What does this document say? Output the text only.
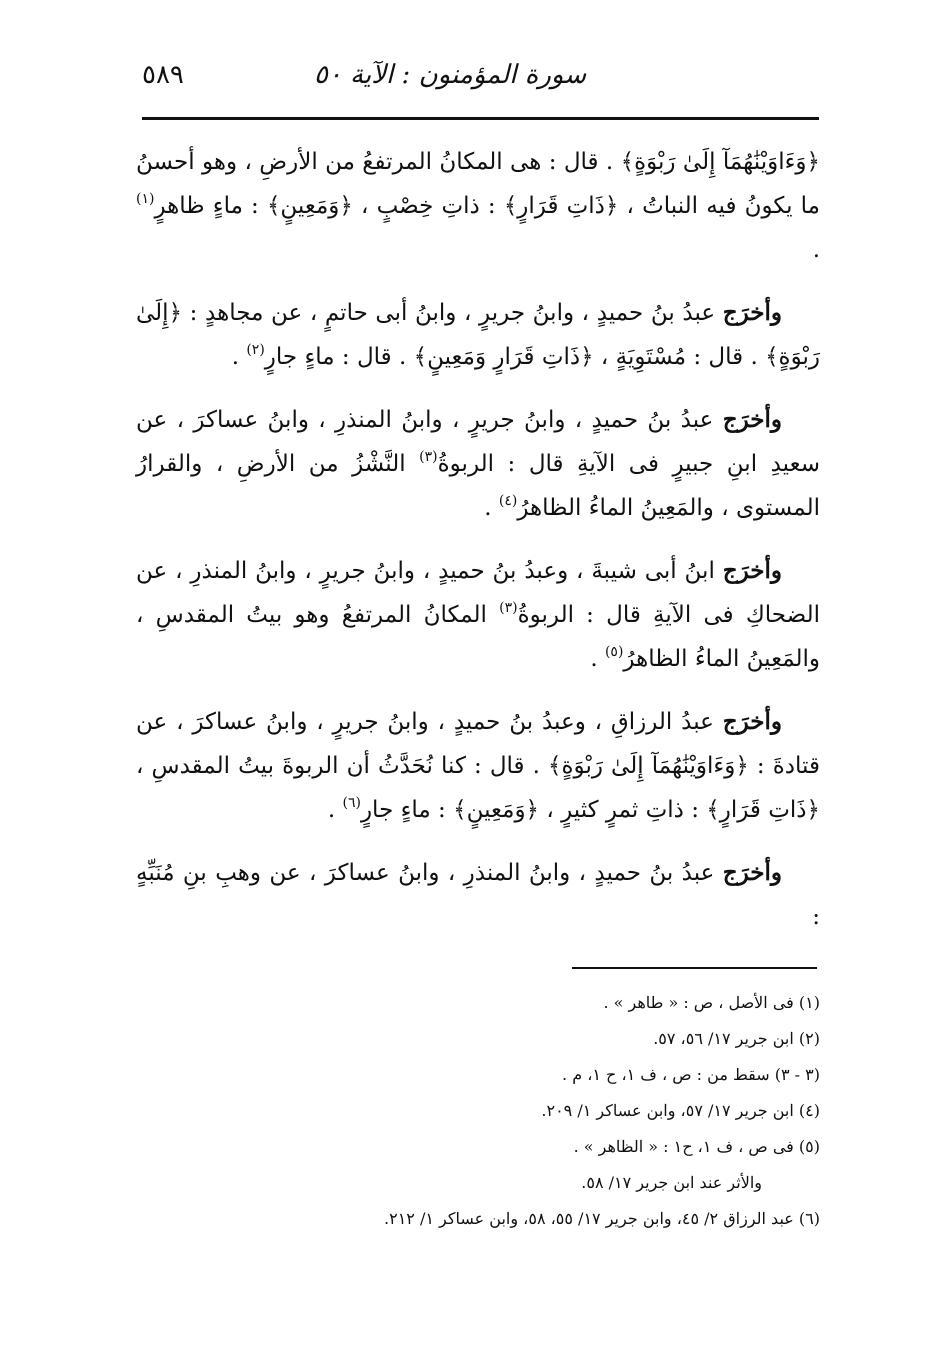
٥٨٩	سورة المؤمنون : الآية ٥٠

﴿وَءَاوَيْنَٰهُمَآ إِلَىٰ رَبْوَةٍ﴾ . قال : هى المكانُ المرتفعُ من الأرضِ ، وهو أحسنُ ما يكونُ فيه النباتُ ، ﴿ذَاتِ قَرَارٍ﴾ : ذاتِ خِصْبٍ ، ﴿وَمَعِينٍ﴾ : ماءٍ ظاهرٍ$^{(١)}$ .

وأخرَج عبدُ بنُ حميدٍ ، وابنُ جريرٍ ، وابنُ أبى حاتمٍ ، عن مجاهدٍ : ﴿إِلَىٰ رَبْوَةٍ﴾ . قال : مُسْتَوِيَةٍ ، ﴿ذَاتِ قَرَارٍ وَمَعِينٍ﴾ . قال : ماءٍ جارٍ$^{(٢)}$ .

وأخرَج عبدُ بنُ حميدٍ ، وابنُ جريرٍ ، وابنُ المنذرِ ، وابنُ عساكرَ ، عن سعيدِ ابنِ جبيرٍ فى الآيةِ قال : الربوةُ$^{(٣)}$ النَّشْزُ من الأرضِ ، والقرارُ المستوى ، والمَعِينُ الماءُ الظاهرُ$^{(٤)}$ .

وأخرَج ابنُ أبى شيبةَ ، وعبدُ بنُ حميدٍ ، وابنُ جريرٍ ، وابنُ المنذرِ ، عن الضحاكِ فى الآيةِ قال : الربوةُ$^{(٣)}$ المكانُ المرتفعُ وهو بيتُ المقدسِ ، والمَعِينُ الماءُ الظاهرُ$^{(٥)}$ .

وأخرَج عبدُ الرزاقِ ، وعبدُ بنُ حميدٍ ، وابنُ جريرٍ ، وابنُ عساكرَ ، عن قتادةَ : ﴿وَءَاوَيْنَٰهُمَآ إِلَىٰ رَبْوَةٍ﴾ . قال : كنا نُحَدَّثُ أن الربوةَ بيتُ المقدسِ ، ﴿ذَاتِ قَرَارٍ﴾ : ذاتِ ثمرٍ كثيرٍ ، ﴿وَمَعِينٍ﴾ : ماءٍ جارٍ$^{(٦)}$ .

وأخرَج عبدُ بنُ حميدٍ ، وابنُ المنذرِ ، وابنُ عساكرَ ، عن وهبِ بنِ مُنَبِّهٍ :

(١) فى الأصل ، ص : « طاهر » .
(٢) ابن جرير ١٧/ ٥٦، ٥٧.
(٣ - ٣) سقط من : ص ، ف ١، ح ١، م .
(٤) ابن جرير ١٧/ ٥٧، وابن عساكر ١/ ٢٠٩.
(٥) فى ص ، ف ١، ح١ : « الظاهر » .
والأثر عند ابن جرير ١٧/ ٥٨.
(٦) عبد الرزاق ٢/ ٤٥، وابن جرير ١٧/ ٥٥، ٥٨، وابن عساكر ١/ ٢١٢.
